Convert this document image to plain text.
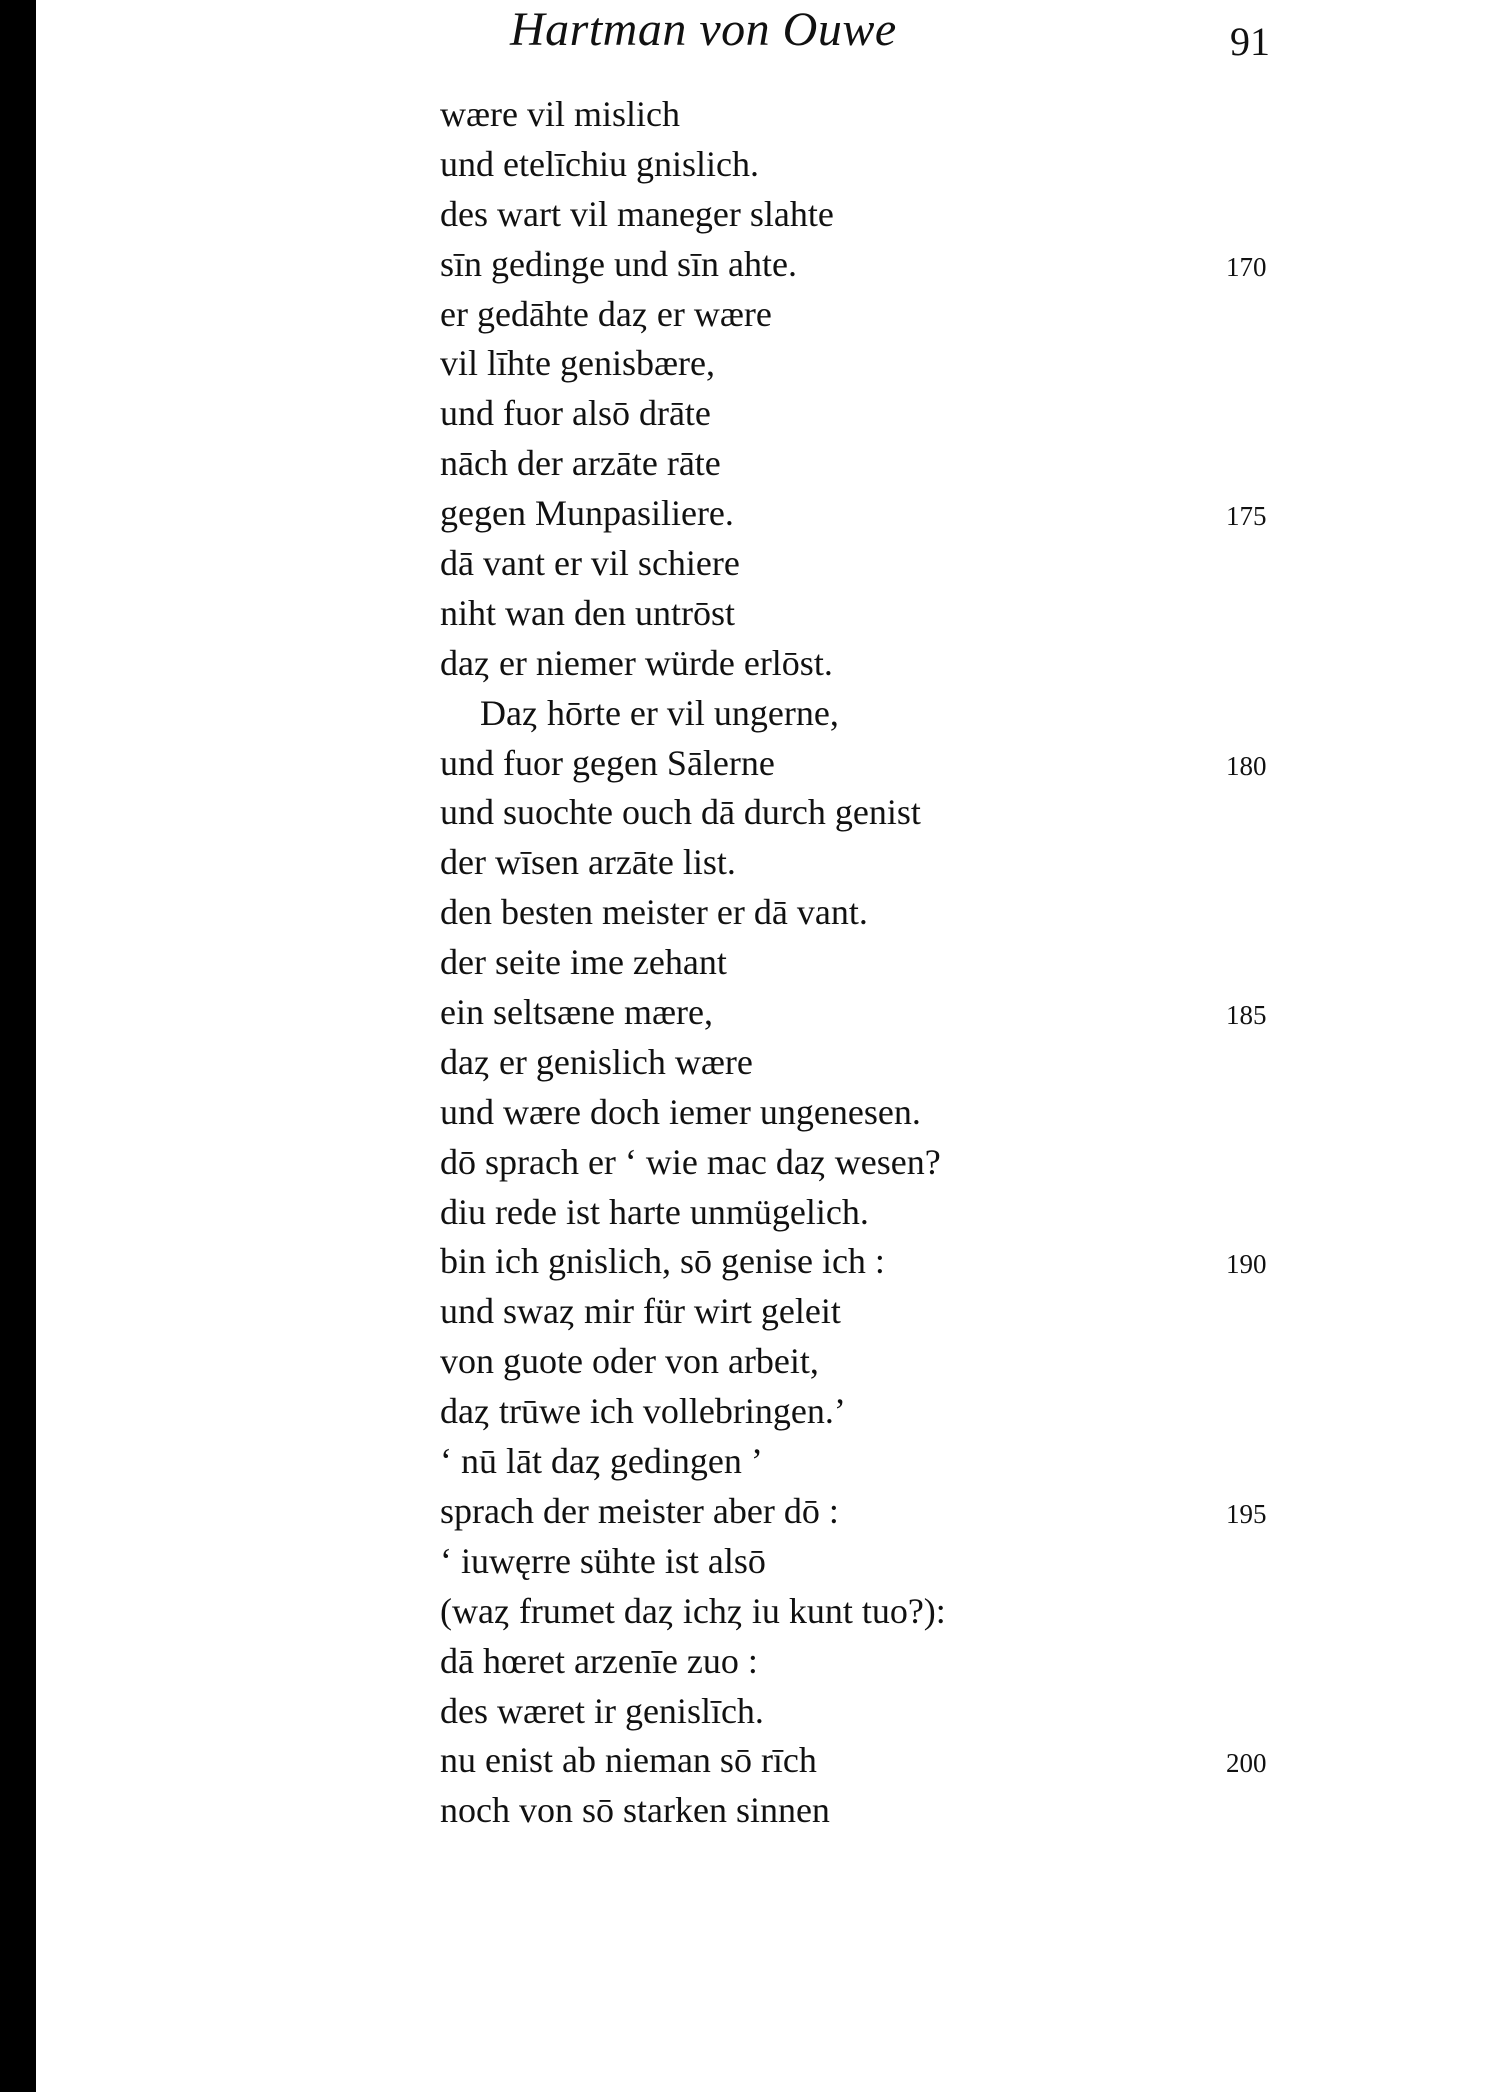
Hartman von Ouwe	91
wære vil mislich
und etelīchiu gnislich.
des wart vil maneger slahte
sīn gedinge und sīn ahte.	170
er gedāhte daȥ er wære
vil līhte genisbære,
und fuor alsō drāte
nāch der arzāte rāte
gegen Munpasiliere.	175
dā vant er vil schiere
niht wan den untrōst
daȥ er niemer würde erlōst.
Daȥ hōrte er vil ungerne,
und fuor gegen Sālerne	180
und suochte ouch dā durch genist
der wīsen arzāte list.
den besten meister er dā vant.
der seite ime zehant
ein seltsæne mære,	185
daȥ er genislich wære
und wære doch iemer ungenesen.
dō sprach er ‘ wie mac daȥ wesen?
diu rede ist harte unmügelich.
bin ich gnislich, sō genise ich :	190
und swaȥ mir für wirt geleit
von guote oder von arbeit,
daȥ trūwe ich vollebringen.’
‘ nū lāt daȥ gedingen ’
sprach der meister aber dō :	195
‘ iuwęrre sühte ist alsō
(waȥ frumet daȥ ichȥ iu kunt tuo?):
dā hœret arzenīe zuo :
des wæret ir genislīch.
nu enist ab nieman sō rīch	200
noch von sō starken sinnen
